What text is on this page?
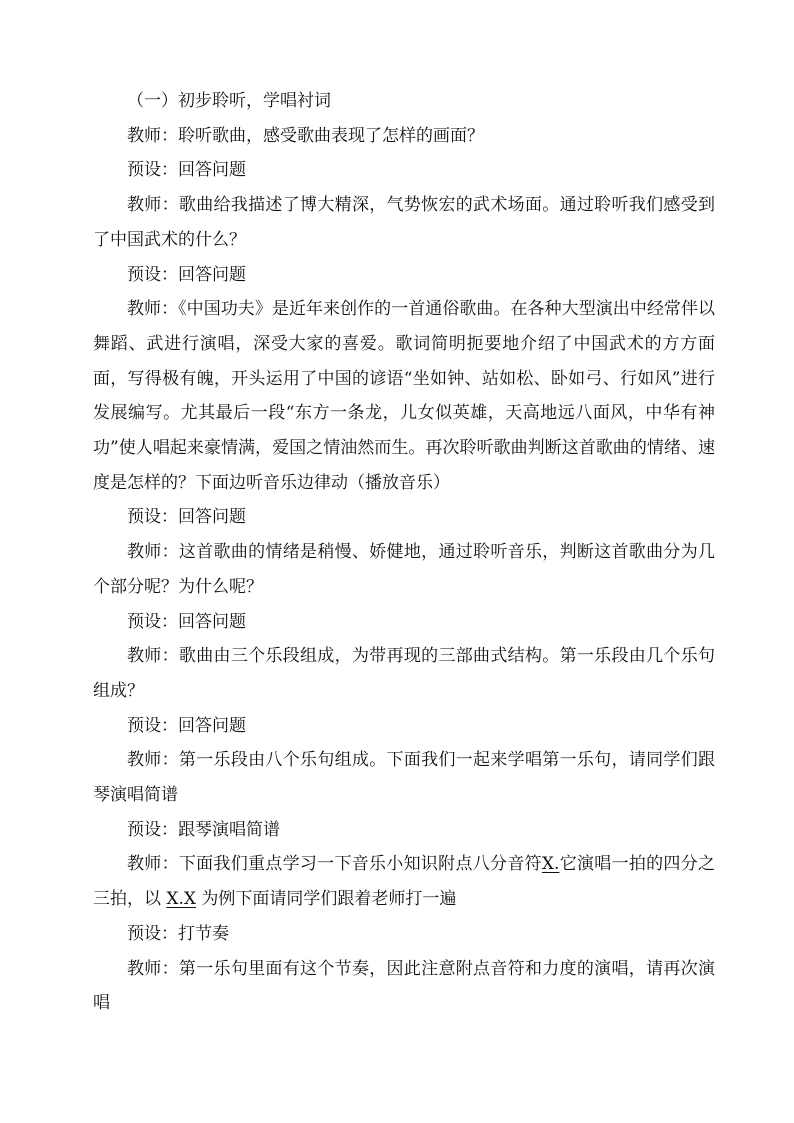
（一）初步聆听，学唱衬词

教师：聆听歌曲，感受歌曲表现了怎样的画面？

预设：回答问题

教师：歌曲给我描述了博大精深，气势恢宏的武术场面。通过聆听我们感受到了中国武术的什么？

预设：回答问题

教师：《中国功夫》是近年来创作的一首通俗歌曲。在各种大型演出中经常伴以舞蹈、武进行演唱，深受大家的喜爱。歌词简明扼要地介绍了中国武术的方方面面，写得极有魄，开头运用了中国的谚语“坐如钟、站如松、卧如弓、行如风”进行发展编写。尤其最后一段“东方一条龙，儿女似英雄，天高地远八面风，中华有神功”使人唱起来豪情满，爱国之情油然而生。再次聆听歌曲判断这首歌曲的情绪、速度是怎样的？下面边听音乐边律动（播放音乐）

预设：回答问题

教师：这首歌曲的情绪是稍慢、娇健地，通过聆听音乐，判断这首歌曲分为几个部分呢？为什么呢？

预设：回答问题

教师：歌曲由三个乐段组成，为带再现的三部曲式结构。第一乐段由几个乐句组成？

预设：回答问题

教师：第一乐段由八个乐句组成。下面我们一起来学唱第一乐句，请同学们跟琴演唱简谱

预设：跟琴演唱简谱

教师：下面我们重点学习一下音乐小知识附点八分音符X.它演唱一拍的四分之三拍，以 X.X 为例下面请同学们跟着老师打一遍

预设：打节奏

教师：第一乐句里面有这个节奏，因此注意附点音符和力度的演唱，请再次演唱
